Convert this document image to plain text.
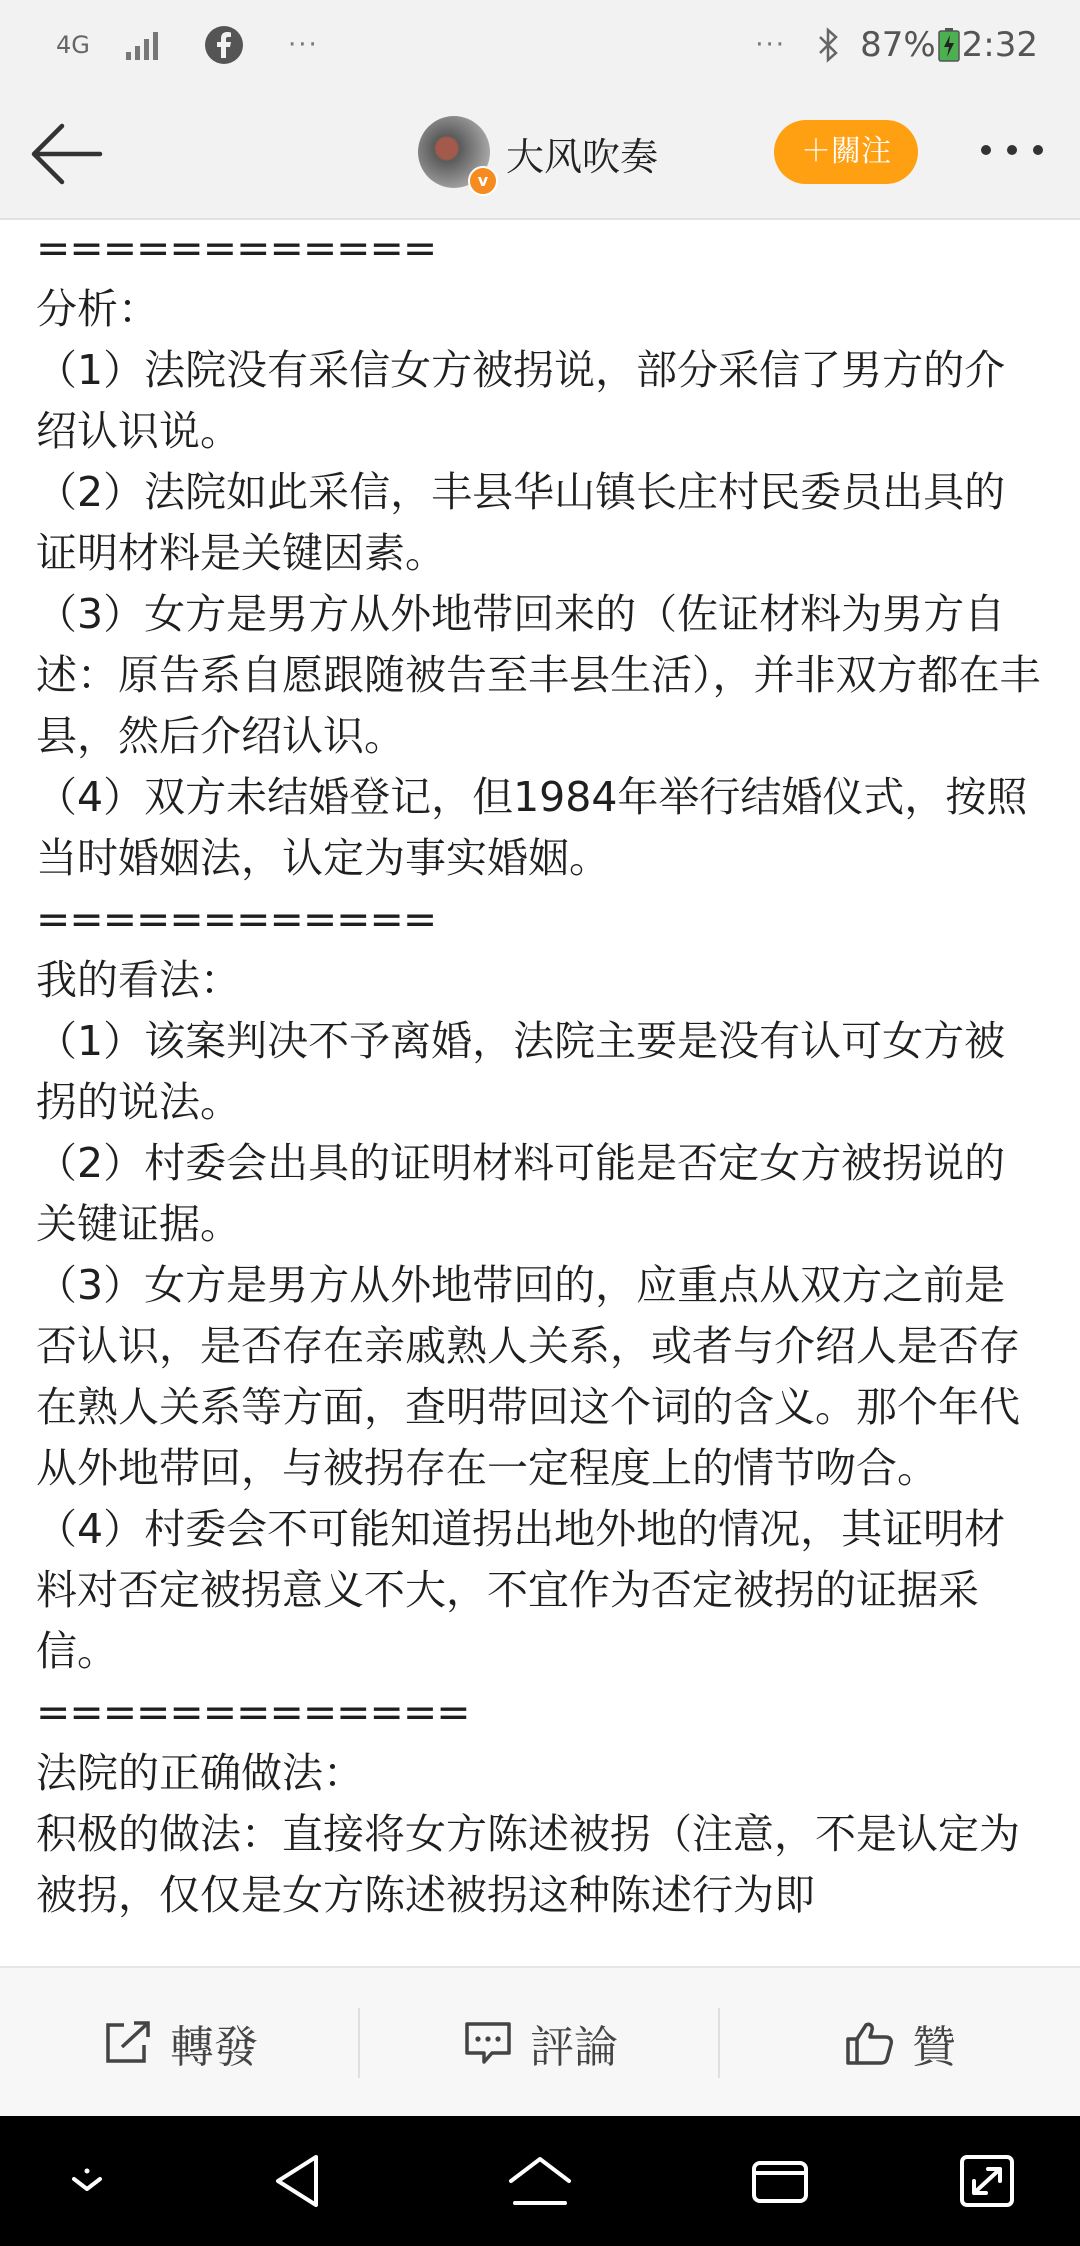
4G	···	··· 87% 2:32
v
大风吹奏	＋關注

============

分析：

（1）法院没有采信女方被拐说，部分采信了男方的介绍认识说。

（2）法院如此采信，丰县华山镇长庄村民委员出具的证明材料是关键因素。

（3）女方是男方从外地带回来的（佐证材料为男方自述：原告系自愿跟随被告至丰县生活），并非双方都在丰县，然后介绍认识。

（4）双方未结婚登记，但1984年举行结婚仪式，按照当时婚姻法，认定为事实婚姻。

============

我的看法：

（1）该案判决不予离婚，法院主要是没有认可女方被拐的说法。

（2）村委会出具的证明材料可能是否定女方被拐说的关键证据。

（3）女方是男方从外地带回的，应重点从双方之前是否认识，是否存在亲戚熟人关系，或者与介绍人是否存在熟人关系等方面，查明带回这个词的含义。那个年代从外地带回，与被拐存在一定程度上的情节吻合。

（4）村委会不可能知道拐出地外地的情况，其证明材料对否定被拐意义不大，不宜作为否定被拐的证据采信。

=============

法院的正确做法：

积极的做法：直接将女方陈述被拐（注意，不是认定为被拐，仅仅是女方陈述被拐这种陈述行为即

轉發	評論	贊
